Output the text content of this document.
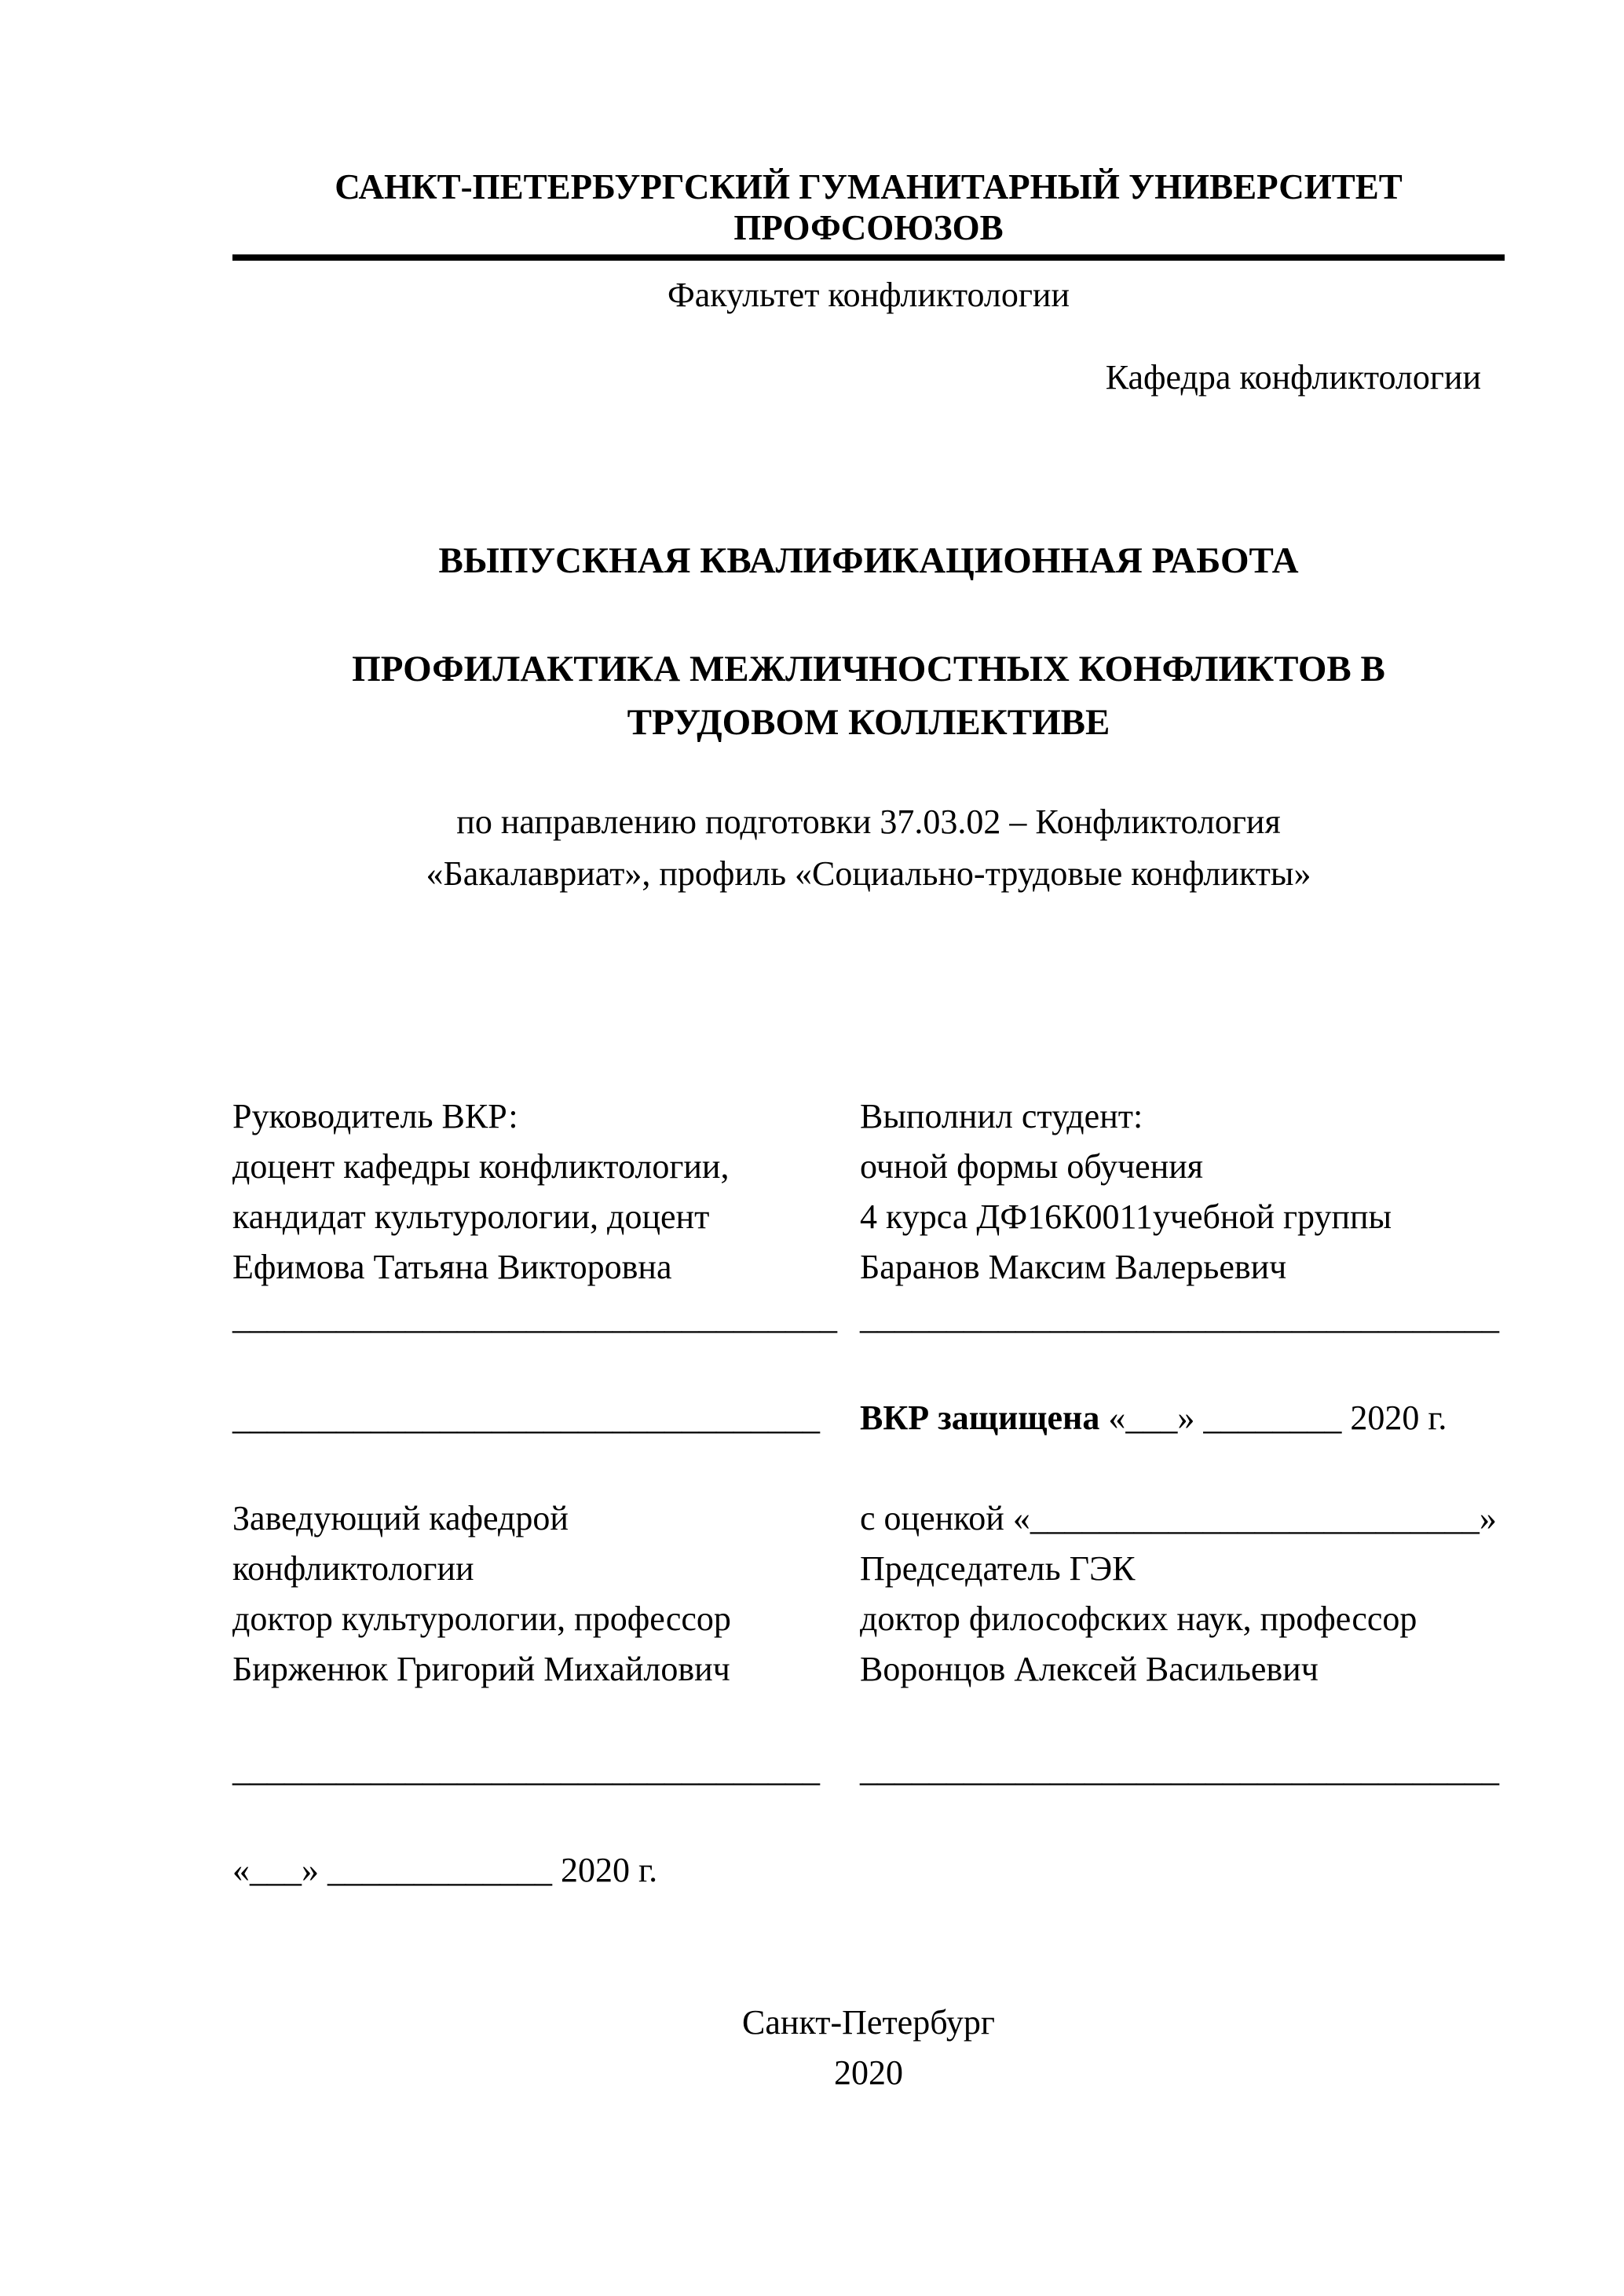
САНКТ-ПЕТЕРБУРГСКИЙ ГУМАНИТАРНЫЙ УНИВЕРСИТЕТ ПРОФСОЮЗОВ
Факультет конфликтологии
Кафедра конфликтологии
ВЫПУСКНАЯ КВАЛИФИКАЦИОННАЯ РАБОТА
ПРОФИЛАКТИКА МЕЖЛИЧНОСТНЫХ КОНФЛИКТОВ В
ТРУДОВОМ КОЛЛЕКТИВЕ
по направлению подготовки 37.03.02 – Конфликтология
«Бакалавриат», профиль «Социально-трудовые конфликты»
Руководитель ВКР:	Выполнил студент:
доцент кафедры конфликтологии,	очной формы обучения
кандидат культурологии, доцент	4 курса ДФ16К0011учебной группы
Ефимова Татьяна Викторовна	Баранов Максим Валерьевич
___________________________________ _____________________________________
__________________________________	ВКР защищена «___» ________ 2020 г.
Заведующий кафедрой	с оценкой «__________________________»
конфликтологии	Председатель ГЭК
доктор культурологии, профессор	доктор философских наук, профессор
Бирженюк Григорий Михайлович	Воронцов Алексей Васильевич
__________________________________	_____________________________________
«___» _____________ 2020 г.
Санкт-Петербург
2020
